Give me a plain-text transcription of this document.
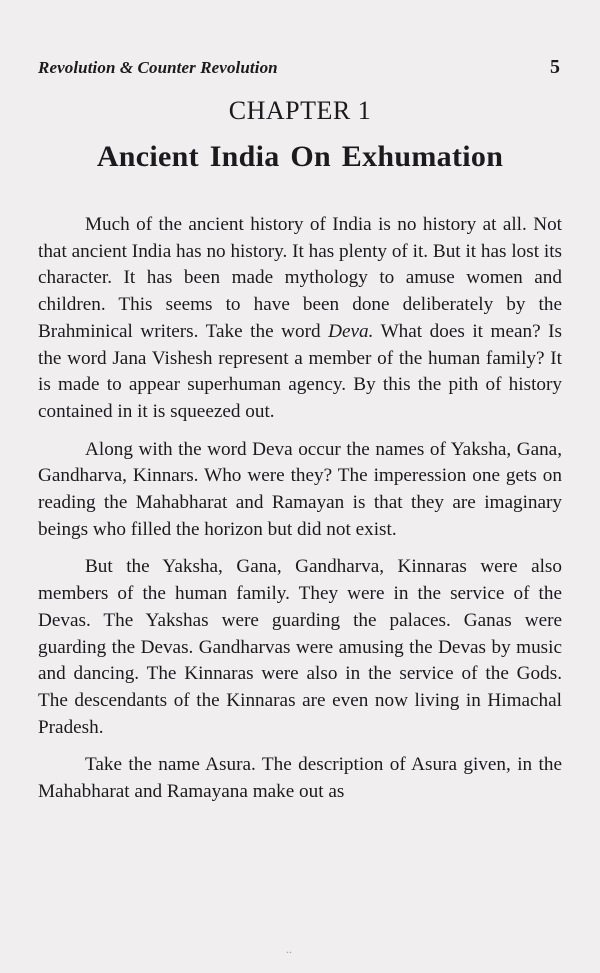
Revolution & Counter Revolution	5
CHAPTER 1
Ancient India On Exhumation

Much of the ancient history of India is no history at all. Not that ancient India has no history. It has plenty of it. But it has lost its character. It has been made mythology to amuse women and children. This seems to have been done deliberately by the Brahminical writers. Take the word Deva. What does it mean? Is the word Jana Vishesh represent a member of the human family? It is made to appear superhuman agency. By this the pith of history contained in it is squeezed out.

Along with the word Deva occur the names of Yaksha, Gana, Gandharva, Kinnars. Who were they? The imperession one gets on reading the Mahabharat and Ramayan is that they are imaginary beings who filled the horizon but did not exist.

But the Yaksha, Gana, Gandharva, Kinnaras were also members of the human family. They were in the service of the Devas. The Yakshas were guarding the palaces. Ganas were guarding the Devas. Gandharvas were amusing the Devas by music and dancing. The Kinnaras were also in the service of the Gods. The descendants of the Kinnaras are even now living in Himachal Pradesh.

Take the name Asura. The description of Asura given, in the Mahabharat and Ramayana make out as

..
